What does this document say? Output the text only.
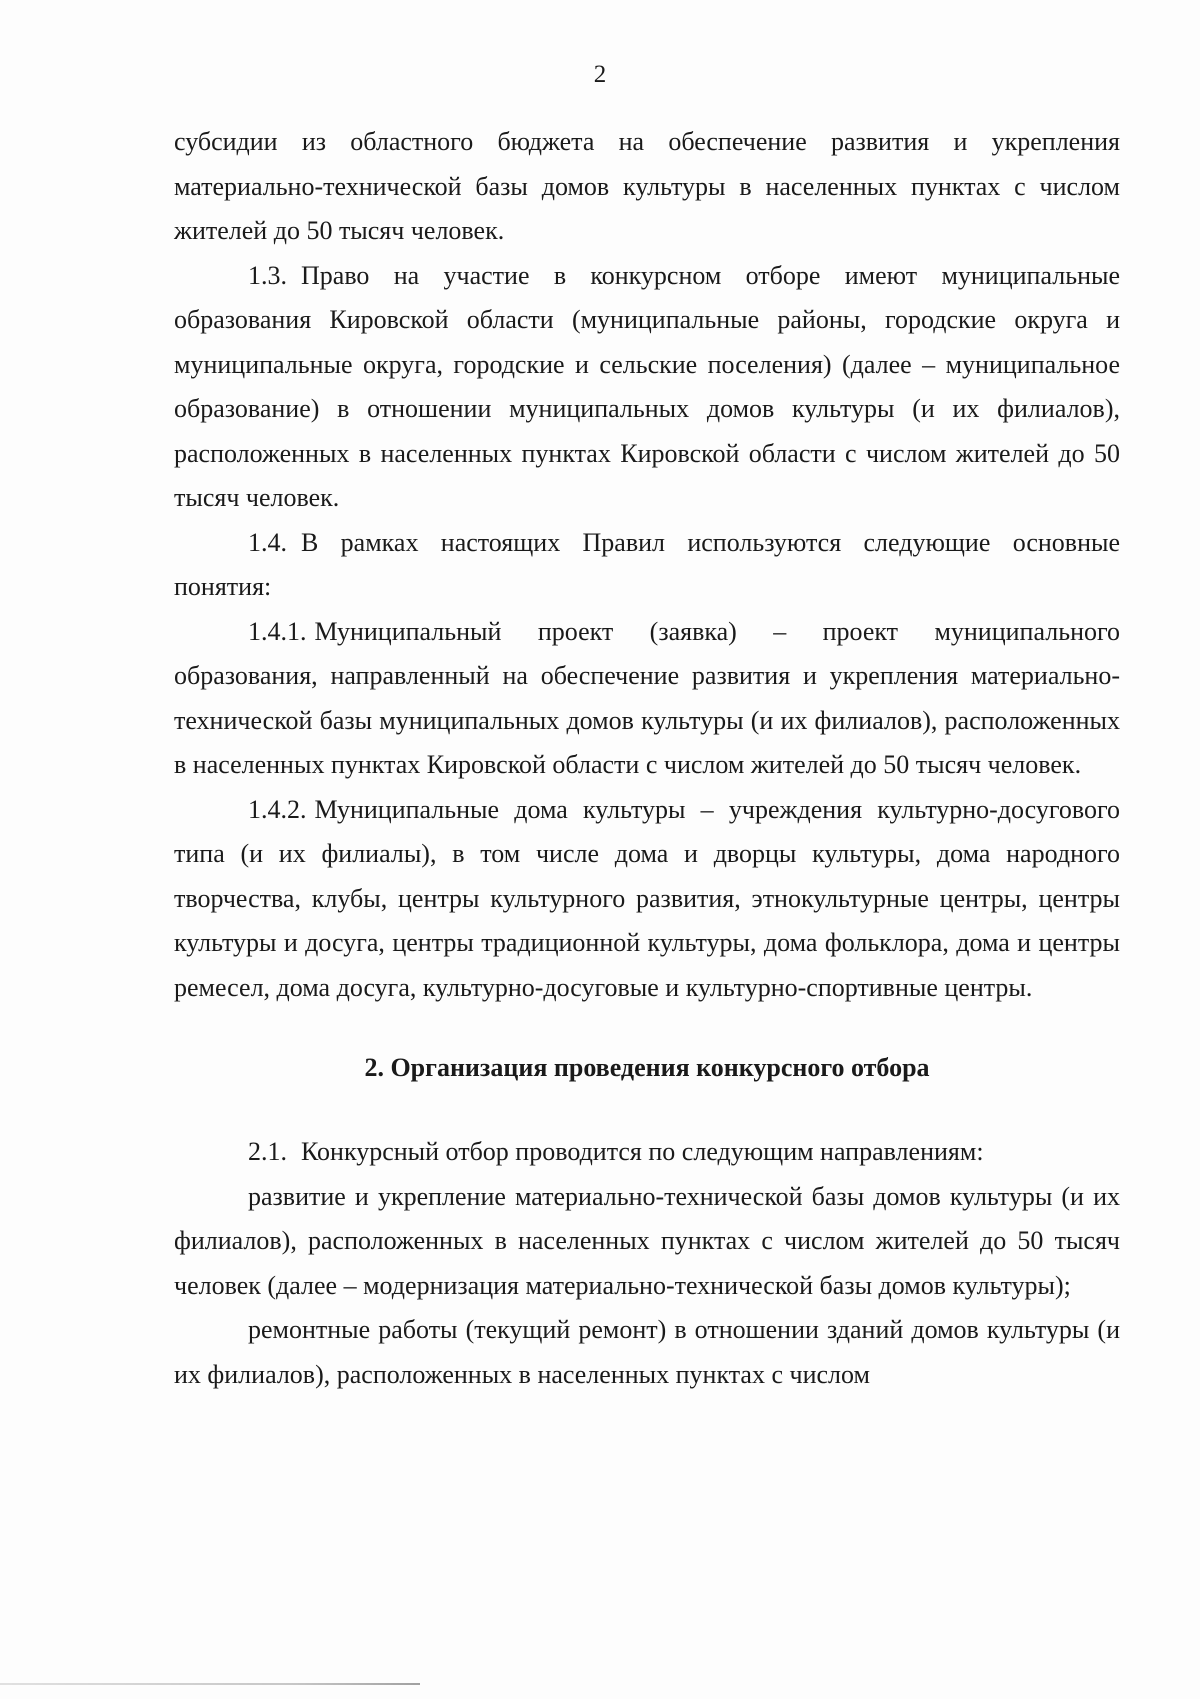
2

субсидии из областного бюджета на обеспечение развития и укрепления материально-технической базы домов культуры в населенных пунктах с числом жителей до 50 тысяч человек.

1.3. Право на участие в конкурсном отборе имеют муниципальные образования Кировской области (муниципальные районы, городские округа и муниципальные округа, городские и сельские поселения) (далее – муниципальное образование) в отношении муниципальных домов культуры (и их филиалов), расположенных в населенных пунктах Кировской области с числом жителей до 50 тысяч человек.

1.4. В рамках настоящих Правил используются следующие основные понятия:

1.4.1. Муниципальный проект (заявка) – проект муниципального образования, направленный на обеспечение развития и укрепления материально-технической базы муниципальных домов культуры (и их филиалов), расположенных в населенных пунктах Кировской области с числом жителей до 50 тысяч человек.

1.4.2. Муниципальные дома культуры – учреждения культурно-досугового типа (и их филиалы), в том числе дома и дворцы культуры, дома народного творчества, клубы, центры культурного развития, этнокультурные центры, центры культуры и досуга, центры традиционной культуры, дома фольклора, дома и центры ремесел, дома досуга, культурно-досуговые и культурно-спортивные центры.

2. Организация проведения конкурсного отбора

2.1. Конкурсный отбор проводится по следующим направлениям:

развитие и укрепление материально-технической базы домов культуры (и их филиалов), расположенных в населенных пунктах с числом жителей до 50 тысяч человек (далее – модернизация материально-технической базы домов культуры);

ремонтные работы (текущий ремонт) в отношении зданий домов культуры (и их филиалов), расположенных в населенных пунктах с числом
